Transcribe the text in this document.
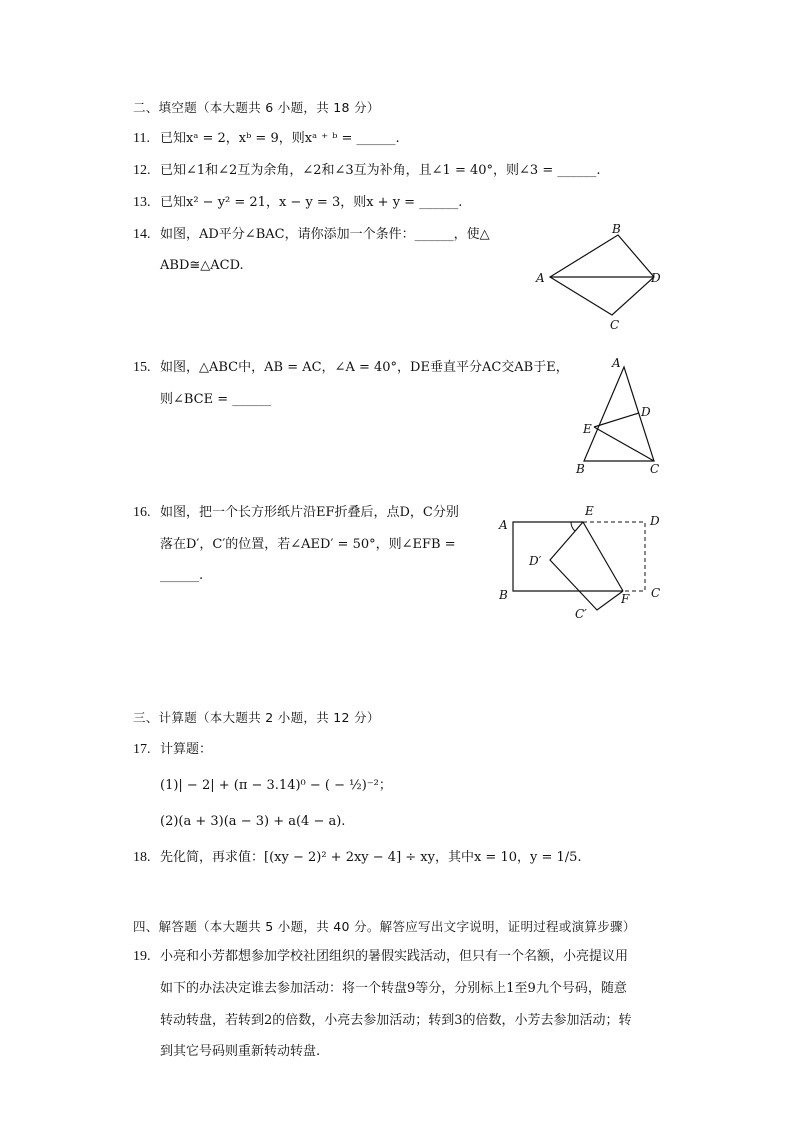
二、填空题（本大题共 6 小题，共 18 分）
11. 已知xᵃ = 2，xᵇ = 9，则xᵃ ⁺ ᵇ = ______.
12. 已知∠1和∠2互为余角，∠2和∠3互为补角，且∠1 = 40°，则∠3 = ______.
13. 已知x² − y² = 21，x − y = 3，则x + y = ______.
14. 如图，AD平分∠BAC，请你添加一个条件：______，使△
ABD≅△ACD.
A
B
C
D
15. 如图，△ABC中，AB = AC，∠A = 40°，DE垂直平分AC交AB于E，
则∠BCE = ______
A
B	C
D
E
16. 如图，把一个长方形纸片沿EF折叠后，点D，C分别
落在D′，C′的位置，若∠AED′ = 50°，则∠EFB =
______.
A
B	C
D
E
F
D′
C′
三、计算题（本大题共 2 小题，共 12 分）
17. 计算题：
(1)| − 2| + (π − 3.14)⁰ − ( − ½)⁻²；
(2)(a + 3)(a − 3) + a(4 − a).
18. 先化简，再求值：[(xy − 2)² + 2xy − 4] ÷ xy，其中x = 10，y = 1/5.
四、解答题（本大题共 5 小题，共 40 分。解答应写出文字说明，证明过程或演算步骤）
19. 小亮和小芳都想参加学校社团组织的暑假实践活动，但只有一个名额，小亮提议用
如下的办法决定谁去参加活动：将一个转盘9等分，分别标上1至9九个号码，随意
转动转盘，若转到2的倍数，小亮去参加活动；转到3的倍数，小芳去参加活动；转
到其它号码则重新转动转盘.
